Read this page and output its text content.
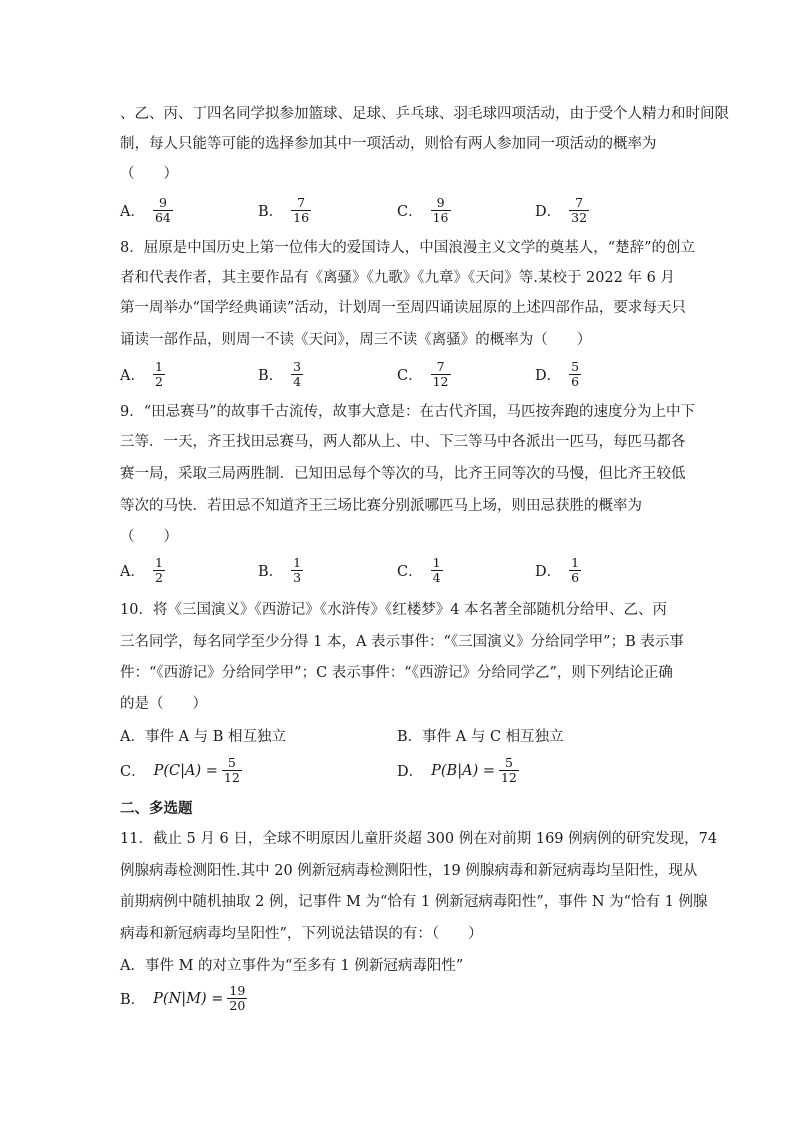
、乙、丙、丁四名同学拟参加篮球、足球、乒乓球、羽毛球四项活动，由于受个人精力和时间限
制，每人只能等可能的选择参加其中一项活动，则恰有两人参加同一项活动的概率为
（　　）
A． $\frac{9}{64}$	B． $\frac{7}{16}$	C． $\frac{9}{16}$	D． $\frac{7}{32}$
8．屈原是中国历史上第一位伟大的爱国诗人，中国浪漫主义文学的奠基人，“楚辞”的创立
者和代表作者，其主要作品有《离骚》《九歌》《九章》《天问》等.某校于 2022 年 6 月
第一周举办“国学经典诵读”活动，计划周一至周四诵读屈原的上述四部作品，要求每天只
诵读一部作品，则周一不读《天问》，周三不读《离骚》的概率为（　　）
A． $\frac{1}{2}$	B． $\frac{3}{4}$	C． $\frac{7}{12}$	D． $\frac{5}{6}$
9．“田忌赛马”的故事千古流传，故事大意是：在古代齐国，马匹按奔跑的速度分为上中下
三等．一天，齐王找田忌赛马，两人都从上、中、下三等马中各派出一匹马，每匹马都各
赛一局，采取三局两胜制．已知田忌每个等次的马，比齐王同等次的马慢，但比齐王较低
等次的马快．若田忌不知道齐王三场比赛分别派哪匹马上场，则田忌获胜的概率为
（　　）
A． $\frac{1}{2}$	B． $\frac{1}{3}$	C． $\frac{1}{4}$	D． $\frac{1}{6}$
10．将《三国演义》《西游记》《水浒传》《红楼梦》4 本名著全部随机分给甲、乙、丙
三名同学，每名同学至少分得 1 本，A 表示事件：“《三国演义》分给同学甲”；B 表示事
件：“《西游记》分给同学甲”；C 表示事件：“《西游记》分给同学乙”，则下列结论正确
的是（　　）
A．事件 A 与 B 相互独立	B．事件 A 与 C 相互独立
C． $P(C|A) = \frac{5}{12}$	D． $P(B|A) = \frac{5}{12}$
二、多选题
11．截止 5 月 6 日，全球不明原因儿童肝炎超 300 例在对前期 169 例病例的研究发现，74
例腺病毒检测阳性.其中 20 例新冠病毒检测阳性，19 例腺病毒和新冠病毒均呈阳性，现从
前期病例中随机抽取 2 例，记事件 M 为“恰有 1 例新冠病毒阳性”，事件 N 为“恰有 1 例腺
病毒和新冠病毒均呈阳性”，下列说法错误的有：（　　）
A．事件 M 的对立事件为“至多有 1 例新冠病毒阳性”
B． $P(N|M) = \frac{19}{20}$
